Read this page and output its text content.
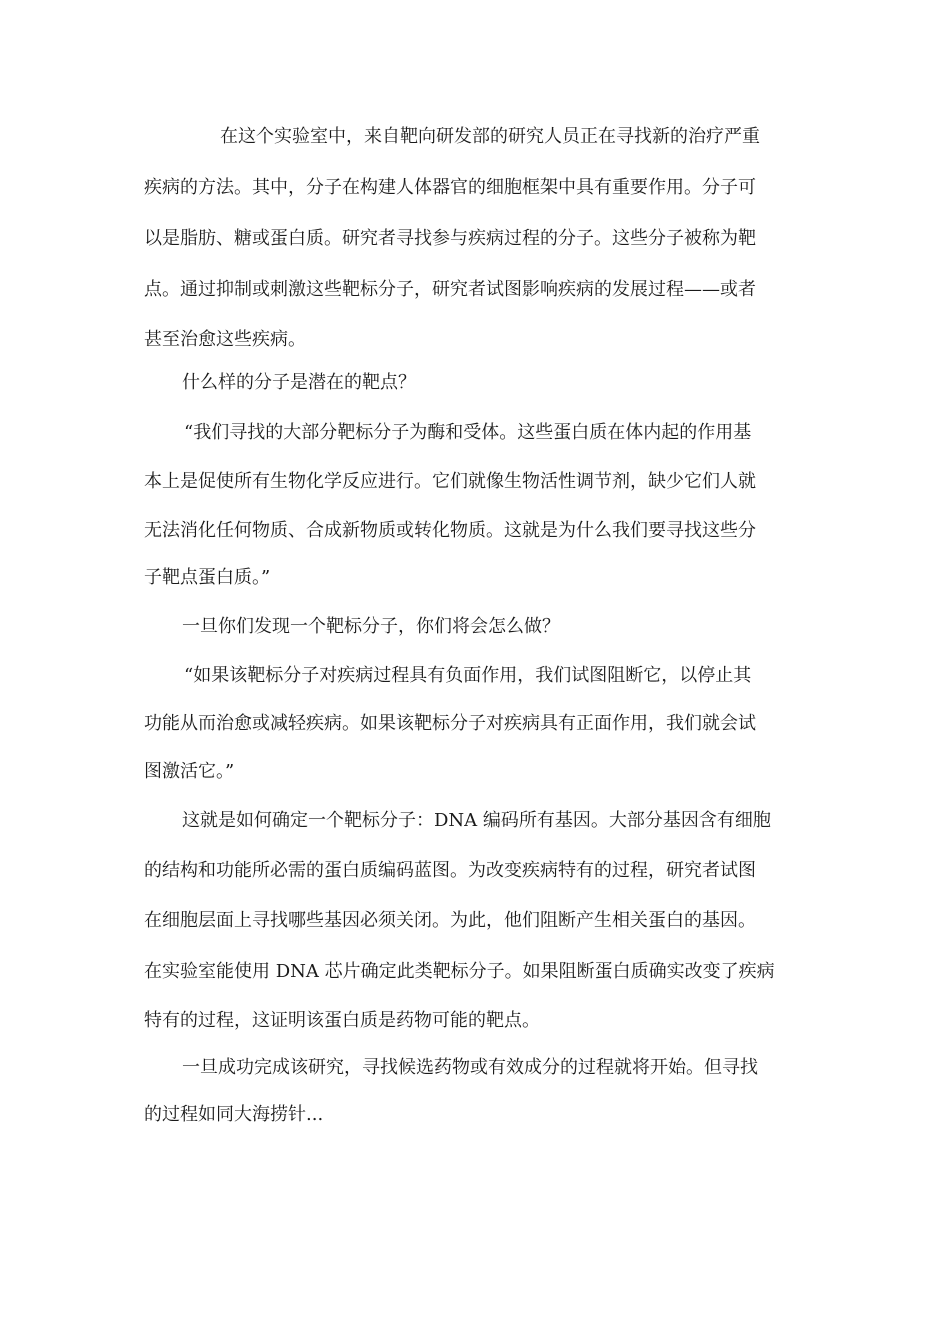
在这个实验室中，来自靶向研发部的研究人员正在寻找新的治疗严重
疾病的方法。其中，分子在构建人体器官的细胞框架中具有重要作用。分子可
以是脂肪、糖或蛋白质。研究者寻找参与疾病过程的分子。这些分子被称为靶
点。通过抑制或刺激这些靶标分子，研究者试图影响疾病的发展过程——或者
甚至治愈这些疾病。
什么样的分子是潜在的靶点？
“我们寻找的大部分靶标分子为酶和受体。这些蛋白质在体内起的作用基
本上是促使所有生物化学反应进行。它们就像生物活性调节剂，缺少它们人就
无法消化任何物质、合成新物质或转化物质。这就是为什么我们要寻找这些分
子靶点蛋白质。”
一旦你们发现一个靶标分子，你们将会怎么做？
“如果该靶标分子对疾病过程具有负面作用，我们试图阻断它，以停止其
功能从而治愈或减轻疾病。如果该靶标分子对疾病具有正面作用，我们就会试
图激活它。”
这就是如何确定一个靶标分子：DNA 编码所有基因。大部分基因含有细胞
的结构和功能所必需的蛋白质编码蓝图。为改变疾病特有的过程，研究者试图
在细胞层面上寻找哪些基因必须关闭。为此，他们阻断产生相关蛋白的基因。
在实验室能使用 DNA 芯片确定此类靶标分子。如果阻断蛋白质确实改变了疾病
特有的过程，这证明该蛋白质是药物可能的靶点。
一旦成功完成该研究，寻找候选药物或有效成分的过程就将开始。但寻找
的过程如同大海捞针...
